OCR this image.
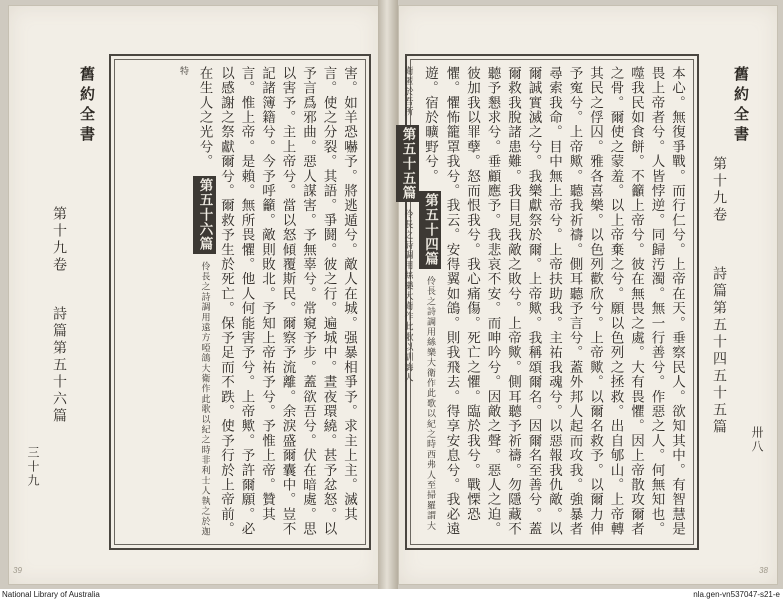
害。如羊恐嚇予。將逃遁兮。敵人在城。强暴相爭予。求主上主。滅其言。使之分裂。其語。爭鬪。彼之行。遍城中。晝夜環繞。甚予忿怒。以予言爲邪曲。惡人謀害。予無辜兮。常窺予步。蓋欲吾兮。伏在暗處。思以害予。主上帝兮。當以怒傾覆斯民。爾察予流離。余淚盛爾囊中。豈不記諸簿籍兮。今予呼籲。敵則敗北。予知上帝祐予兮。予惟上帝。贊其言。惟上帝。是賴。無所畏懼。他人何能害予兮。上帝歟。予許爾願。必以感謝之祭獻爾兮。爾救予生於死亡。保予足而不跌。使予行於上帝前。在生人之光兮。 第五十六篇 伶長之詩調用遠方啞鴿大衛作此歌以紀之時非利士人執之於迦特
舊約全書
第十九卷
詩篇第五十六篇
三十九
39
本心。無復爭戰。而行仁兮。上帝在天。垂察民人。欲知其中。有智慧是畏上帝者兮。人皆悖逆。同歸汚濁。無一行善兮。作惡之人。何無知也。噬我民如食餅。不籲上帝兮。彼在無畏之處。大有畏懼。因上帝散攻爾者之骨。爾使之蒙羞。以上帝棄之兮。願以色列之拯救。出自郇山。上帝轉其民之俘囚。雅各喜樂。以色列歡欣兮。上帝歟。以爾名救予。以爾力伸予寃兮。上帝歟。聽我祈禱。側耳聽予言兮。蓋外邦人起而攻我。強暴者尋索我命。目中無上帝兮。上帝扶助我。主祐我魂兮。以惡報我仇敵。以爾誠實滅之兮。我樂獻祭於爾。上帝歟。我稱頌爾名。因爾名至善兮。蓋爾救我脫諸患難。我目見我敵之敗兮。上帝歟。側耳聽予祈禱。勿隱藏不聽予懇求兮。垂顧應予。我悲哀不安。而呻吟兮。因敵之聲。惡人之迫。彼加我以罪孽。怒而恨我兮。我心痛傷。死亡之懼。臨於我兮。戰慄恐懼。懼怖籠罩我兮。我云。安得翼如鴿。則我飛去。得享安息兮。我必遠遊。宿於曠野兮。 第五十四篇 伶長之詩調用絲樂大衛作此歌以紀之時西弗人至掃羅謂大衛匿於吾所 第五十五篇 伶長之詩調用絲樂大衛作此歌以訓誨人
舊約全書
第十九卷
詩篇第五十四五十五篇
卅八
38
National Library of Australia	nla.gen-vn537047-s21-e
